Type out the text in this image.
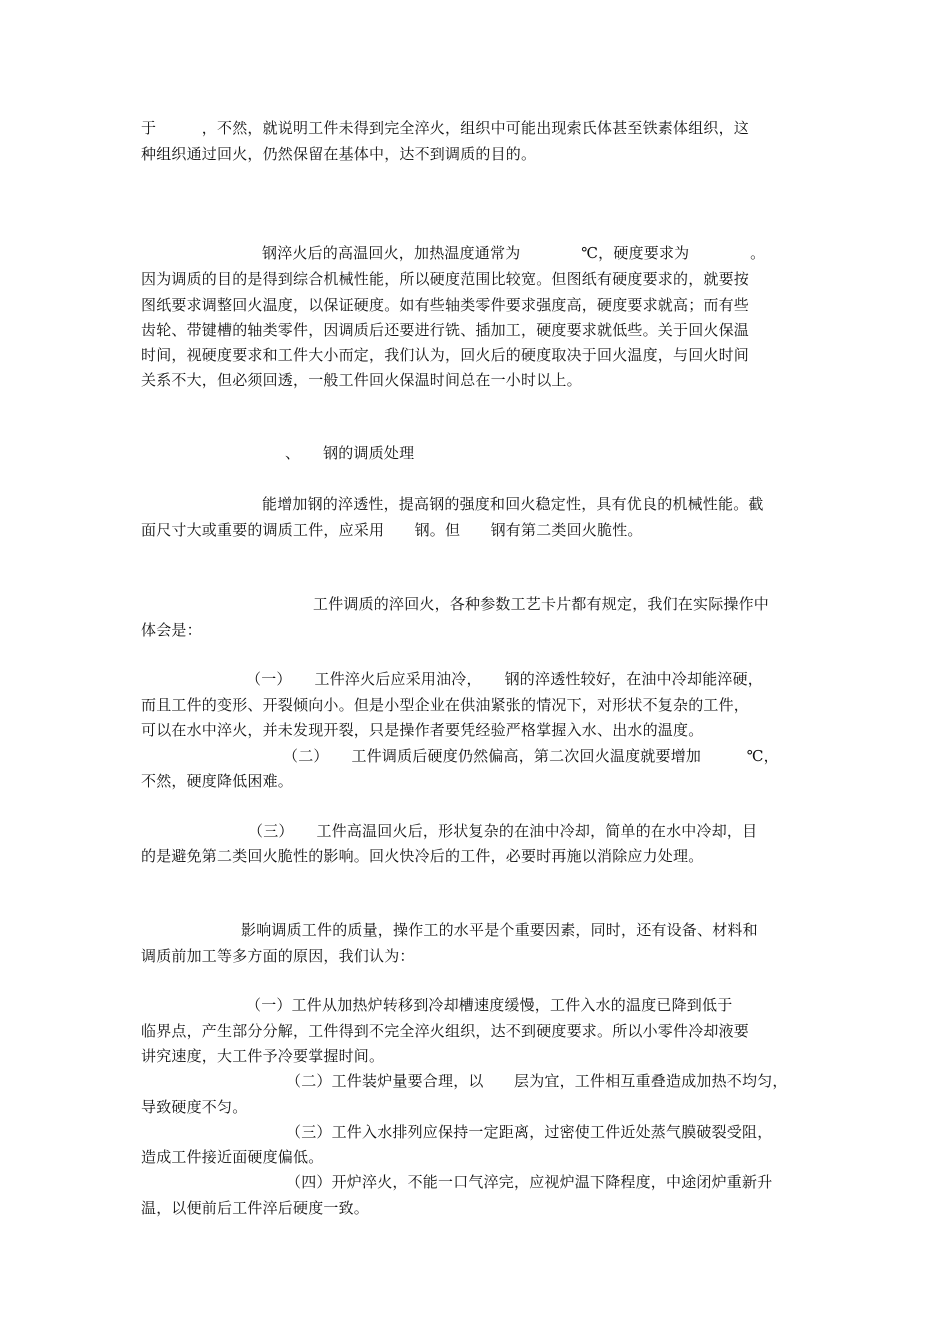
于　　　，不然，就说明工件未得到完全淬火，组织中可能出现索氏体甚至铁素体组织，这
种组织通过回火，仍然保留在基体中，达不到调质的目的。
钢淬火后的高温回火，加热温度通常为　　　　℃，硬度要求为　　　　。
因为调质的目的是得到综合机械性能，所以硬度范围比较宽。但图纸有硬度要求的，就要按
图纸要求调整回火温度，以保证硬度。如有些轴类零件要求强度高，硬度要求就高；而有些
齿轮、带键槽的轴类零件，因调质后还要进行铣、插加工，硬度要求就低些。关于回火保温
时间，视硬度要求和工件大小而定，我们认为，回火后的硬度取决于回火温度，与回火时间
关系不大，但必须回透，一般工件回火保温时间总在一小时以上。
、　　钢的调质处理
能增加钢的淬透性，提高钢的强度和回火稳定性，具有优良的机械性能。截
面尺寸大或重要的调质工件，应采用　　钢。但　　钢有第二类回火脆性。
工件调质的淬回火，各种参数工艺卡片都有规定，我们在实际操作中
体会是：
（一）　　工件淬火后应采用油冷，　　钢的淬透性较好，在油中冷却能淬硬，
而且工件的变形、开裂倾向小。但是小型企业在供油紧张的情况下，对形状不复杂的工件，
可以在水中淬火，并未发现开裂，只是操作者要凭经验严格掌握入水、出水的温度。
（二）　　工件调质后硬度仍然偏高，第二次回火温度就要增加　　　℃，
不然，硬度降低困难。
（三）　　工件高温回火后，形状复杂的在油中冷却，简单的在水中冷却，目
的是避免第二类回火脆性的影响。回火快冷后的工件，必要时再施以消除应力处理。
影响调质工件的质量，操作工的水平是个重要因素，同时，还有设备、材料和
调质前加工等多方面的原因，我们认为：
（一）工件从加热炉转移到冷却槽速度缓慢，工件入水的温度已降到低于
临界点，产生部分分解，工件得到不完全淬火组织，达不到硬度要求。所以小零件冷却液要
讲究速度，大工件予冷要掌握时间。
（二）工件装炉量要合理，以　　层为宜，工件相互重叠造成加热不均匀，
导致硬度不匀。
（三）工件入水排列应保持一定距离，过密使工件近处蒸气膜破裂受阻，
造成工件接近面硬度偏低。
（四）开炉淬火，不能一口气淬完，应视炉温下降程度，中途闭炉重新升
温，以便前后工件淬后硬度一致。
